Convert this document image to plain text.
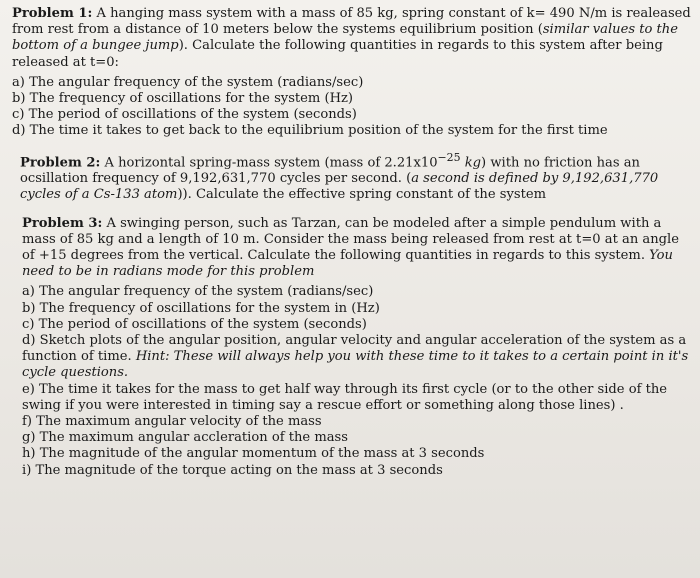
Problem 1: A hanging mass system with a mass of 85 kg, spring constant of k= 490 N/m is realeased from rest from a distance of 10 meters below the systems equilibrium position (similar values to the bottom of a bungee jump). Calculate the following quantities in regards to this system after being released at t=0:

a) The angular frequency of the system (radians/sec)
b) The frequency of oscillations for the system (Hz)
c) The period of oscillations of the system (seconds)
d) The time it takes to get back to the equilibrium position of the system for the first time

Problem 2: A horizontal spring-mass system (mass of $2.21x10^{-25}$ kg) with no friction has an ocsillation frequency of 9,192,631,770 cycles per second. (a second is defined by 9,192,631,770 cycles of a Cs-133 atom)). Calculate the effective spring constant of the system

Problem 3: A swinging person, such as Tarzan, can be modeled after a simple pendulum with a mass of 85 kg and a length of 10 m. Consider the mass being released from rest at t=0 at an angle of +15 degrees from the vertical. Calculate the following quantities in regards to this system. You need to be in radians mode for this problem

a) The angular frequency of the system (radians/sec)
b) The frequency of oscillations for the system in (Hz)
c) The period of oscillations of the system (seconds)
d) Sketch plots of the angular position, angular velocity and angular acceleration of the system as a function of time. Hint: These will always help you with these time to it takes to a certain point in it's cycle questions.
e) The time it takes for the mass to get half way through its first cycle (or to the other side of the swing if you were interested in timing say a rescue effort or something along those lines) .
f) The maximum angular velocity of the mass
g) The maximum angular accleration of the mass
h) The magnitude of the angular momentum of the mass at 3 seconds
i) The magnitude of the torque acting on the mass at 3 seconds
